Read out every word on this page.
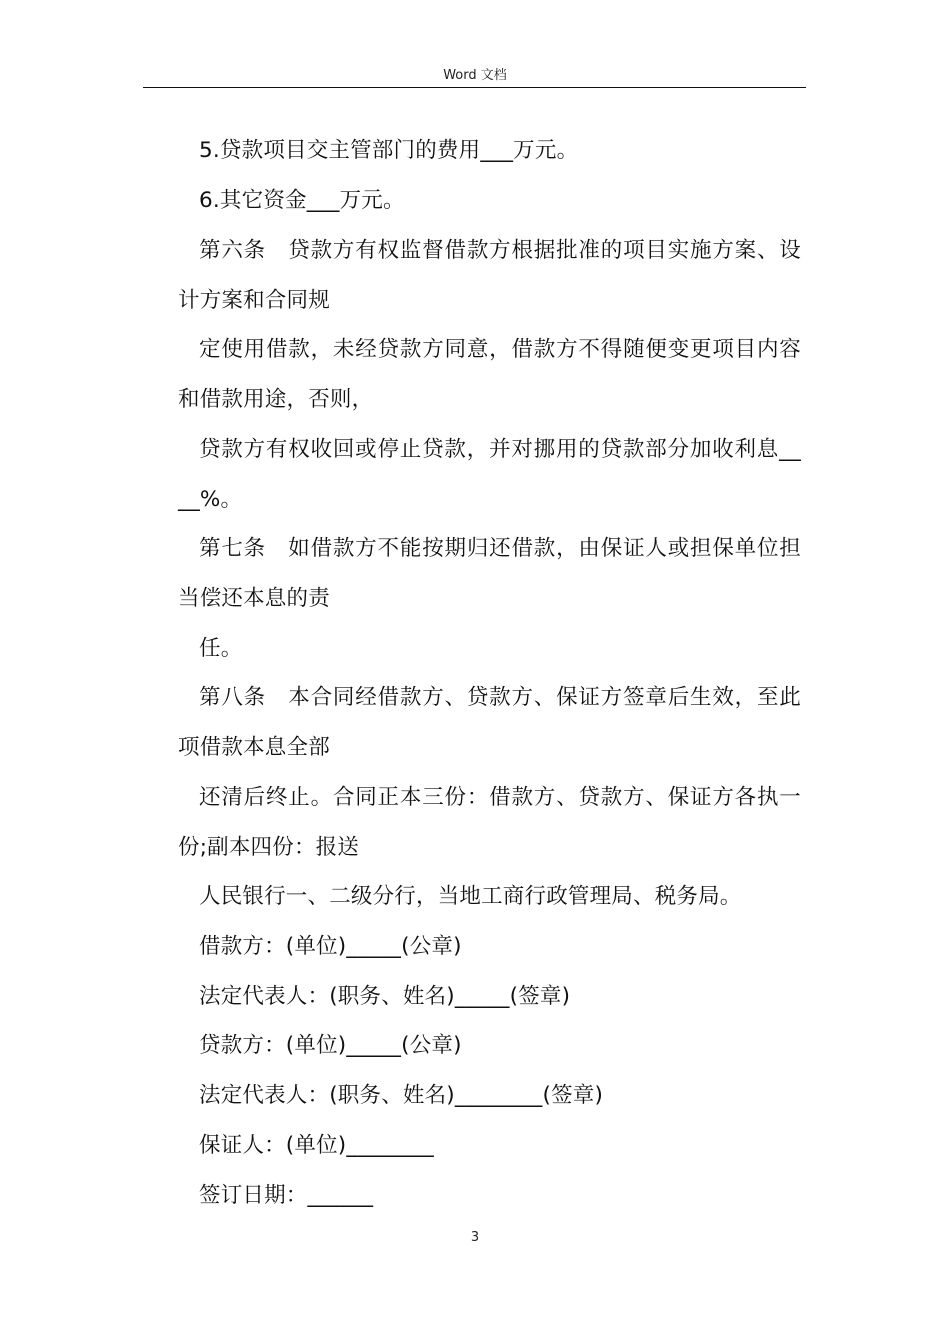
Word 文档
5.贷款项目交主管部门的费用___万元。
6.其它资金___万元。
第六条　贷款方有权监督借款方根据批准的项目实施方案、设
计方案和合同规
定使用借款，未经贷款方同意，借款方不得随便变更项目内容
和借款用途，否则，
贷款方有权收回或停止贷款，并对挪用的贷款部分加收利息__
__%。
第七条　如借款方不能按期归还借款，由保证人或担保单位担
当偿还本息的责
任。
第八条　本合同经借款方、贷款方、保证方签章后生效，至此
项借款本息全部
还清后终止。合同正本三份：借款方、贷款方、保证方各执一
份;副本四份：报送
人民银行一、二级分行，当地工商行政管理局、税务局。
借款方：(单位)_____(公章)
法定代表人：(职务、姓名)_____(签章)
贷款方：(单位)_____(公章)
法定代表人：(职务、姓名)________(签章)
保证人：(单位)________
签订日期：______
3
